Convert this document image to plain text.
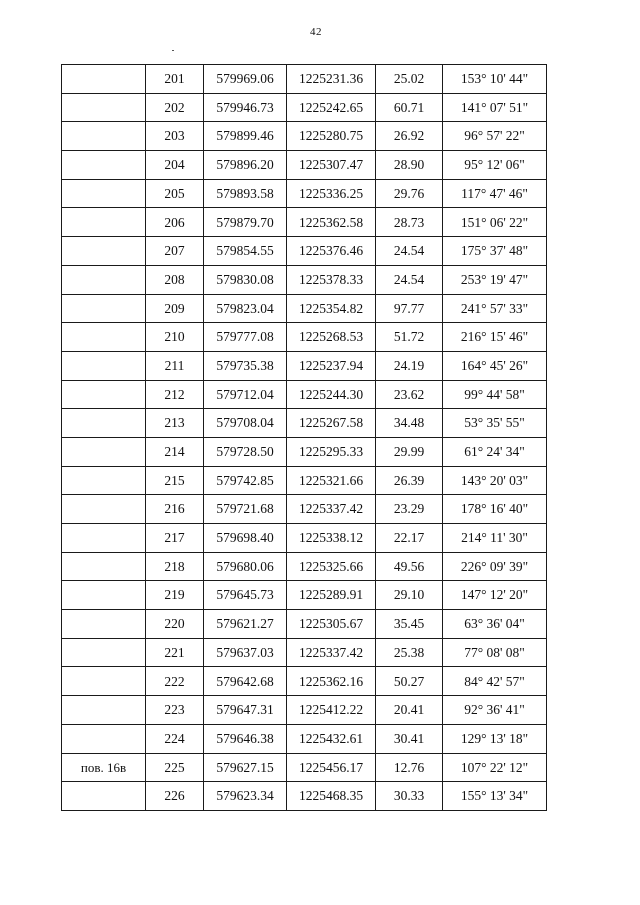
42
	201	579969.06	1225231.36	25.02	153° 10' 44"
	202	579946.73	1225242.65	60.71	141° 07' 51"
	203	579899.46	1225280.75	26.92	96° 57' 22"
	204	579896.20	1225307.47	28.90	95° 12' 06"
	205	579893.58	1225336.25	29.76	117° 47' 46"
	206	579879.70	1225362.58	28.73	151° 06' 22"
	207	579854.55	1225376.46	24.54	175° 37' 48"
	208	579830.08	1225378.33	24.54	253° 19' 47"
	209	579823.04	1225354.82	97.77	241° 57' 33"
	210	579777.08	1225268.53	51.72	216° 15' 46"
	211	579735.38	1225237.94	24.19	164° 45' 26"
	212	579712.04	1225244.30	23.62	99° 44' 58"
	213	579708.04	1225267.58	34.48	53° 35' 55"
	214	579728.50	1225295.33	29.99	61° 24' 34"
	215	579742.85	1225321.66	26.39	143° 20' 03"
	216	579721.68	1225337.42	23.29	178° 16' 40"
	217	579698.40	1225338.12	22.17	214° 11' 30"
	218	579680.06	1225325.66	49.56	226° 09' 39"
	219	579645.73	1225289.91	29.10	147° 12' 20"
	220	579621.27	1225305.67	35.45	63° 36' 04"
	221	579637.03	1225337.42	25.38	77° 08' 08"
	222	579642.68	1225362.16	50.27	84° 42' 57"
	223	579647.31	1225412.22	20.41	92° 36' 41"
	224	579646.38	1225432.61	30.41	129° 13' 18"
пов. 16в	225	579627.15	1225456.17	12.76	107° 22' 12"
	226	579623.34	1225468.35	30.33	155° 13' 34"
